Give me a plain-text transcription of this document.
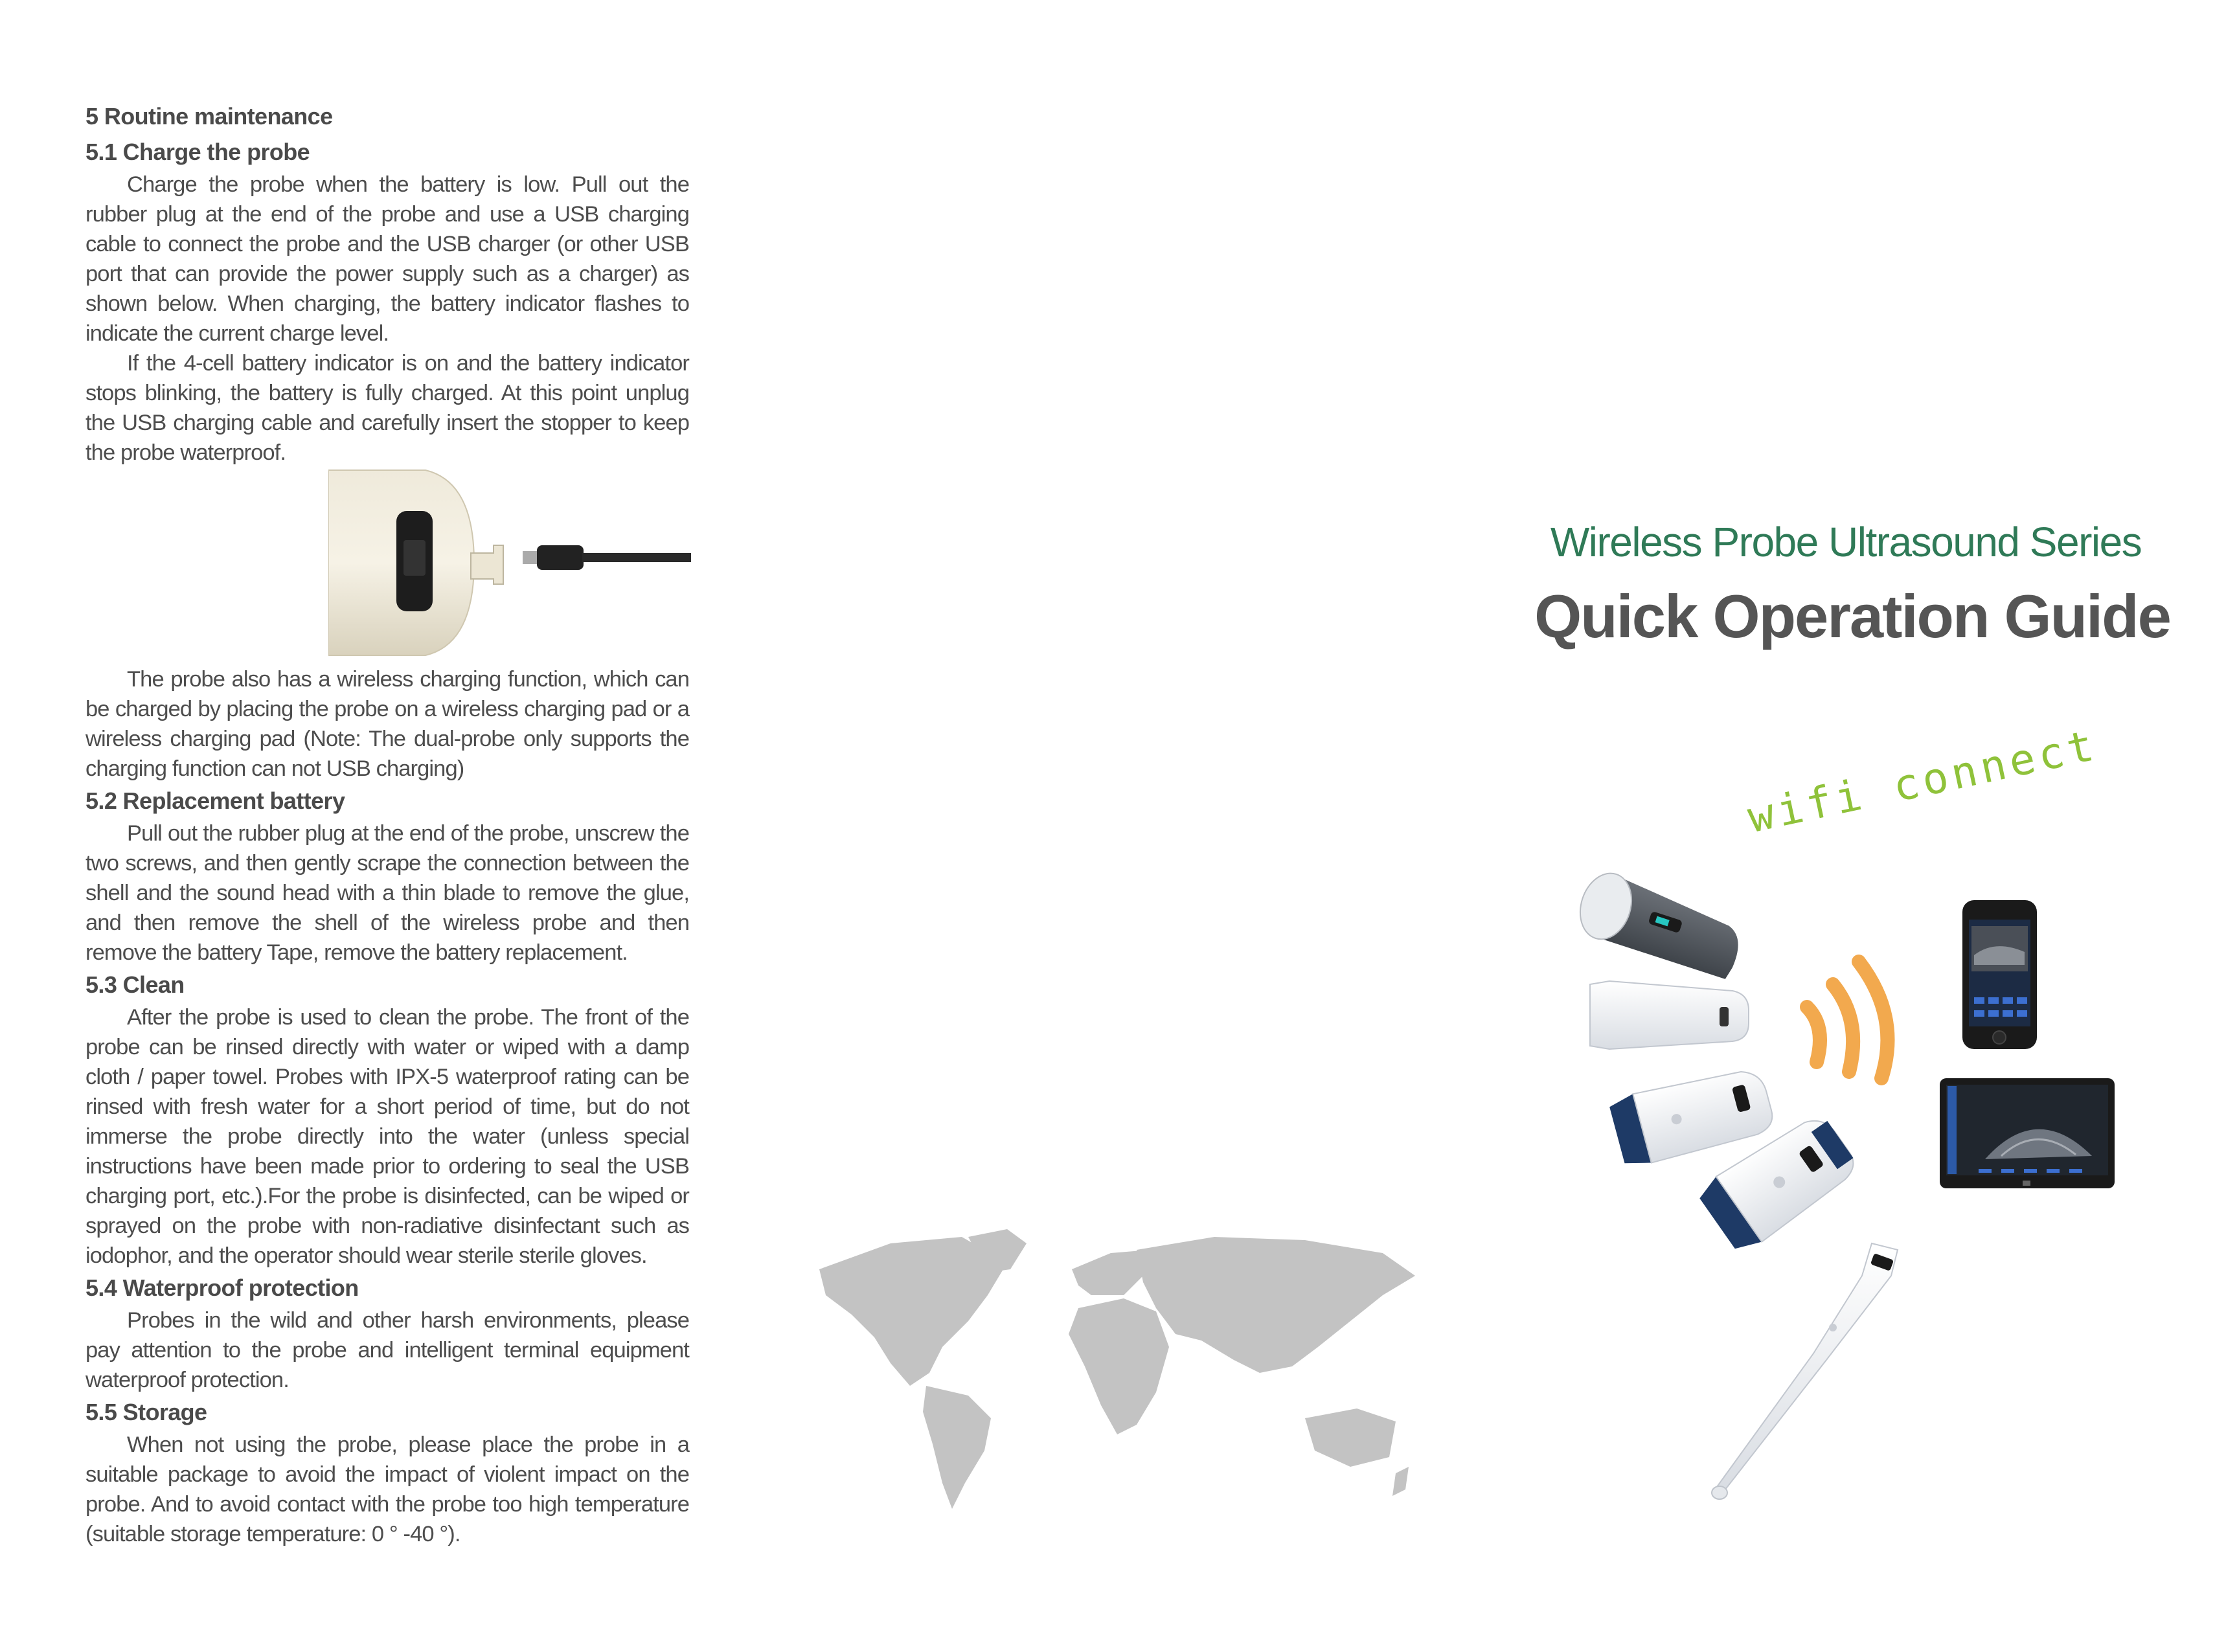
5 Routine maintenance
5.1 Charge the probe

Charge the probe when the battery is low. Pull out the rubber plug at the end of the probe and use a USB charging cable to connect the probe and the USB charger (or other USB port that can provide the power supply such as a charger) as shown below. When charging, the battery indicator flashes to indicate the current charge level.

If the 4-cell battery indicator is on and the battery indicator stops blinking, the battery is fully charged. At this point unplug the USB charging cable and carefully insert the stopper to keep the probe waterproof.

The probe also has a wireless charging function, which can be charged by placing the probe on a wireless charging pad or a wireless charging pad (Note: The dual-probe only supports the charging function can not USB charging)

5.2 Replacement battery

Pull out the rubber plug at the end of the probe, unscrew the two screws, and then gently scrape the connection between the shell and the sound head with a thin blade to remove the glue, and then remove the shell of the wireless probe and then remove the battery Tape, remove the battery replacement.

5.3 Clean

After the probe is used to clean the probe. The front of the probe can be rinsed directly with water or wiped with a damp cloth / paper towel. Probes with IPX-5 waterproof rating can be rinsed with fresh water for a short period of time, but do not immerse the probe directly into the water (unless special instructions have been made prior to ordering to seal the USB charging port, etc.).For the probe is disinfected, can be wiped or sprayed on the probe with non-radiative disinfectant such as iodophor, and the operator should wear sterile sterile gloves.

5.4 Waterproof protection

Probes in the wild and other harsh environments, please pay attention to the probe and intelligent terminal equipment waterproof protection.

5.5 Storage

When not using the probe, please place the probe in a suitable package to avoid the impact of violent impact on the probe. And to avoid contact with the probe too high temperature (suitable storage temperature: 0 ° -40 °).

Wireless Probe Ultrasound Series
Quick Operation Guide
wifi connect
